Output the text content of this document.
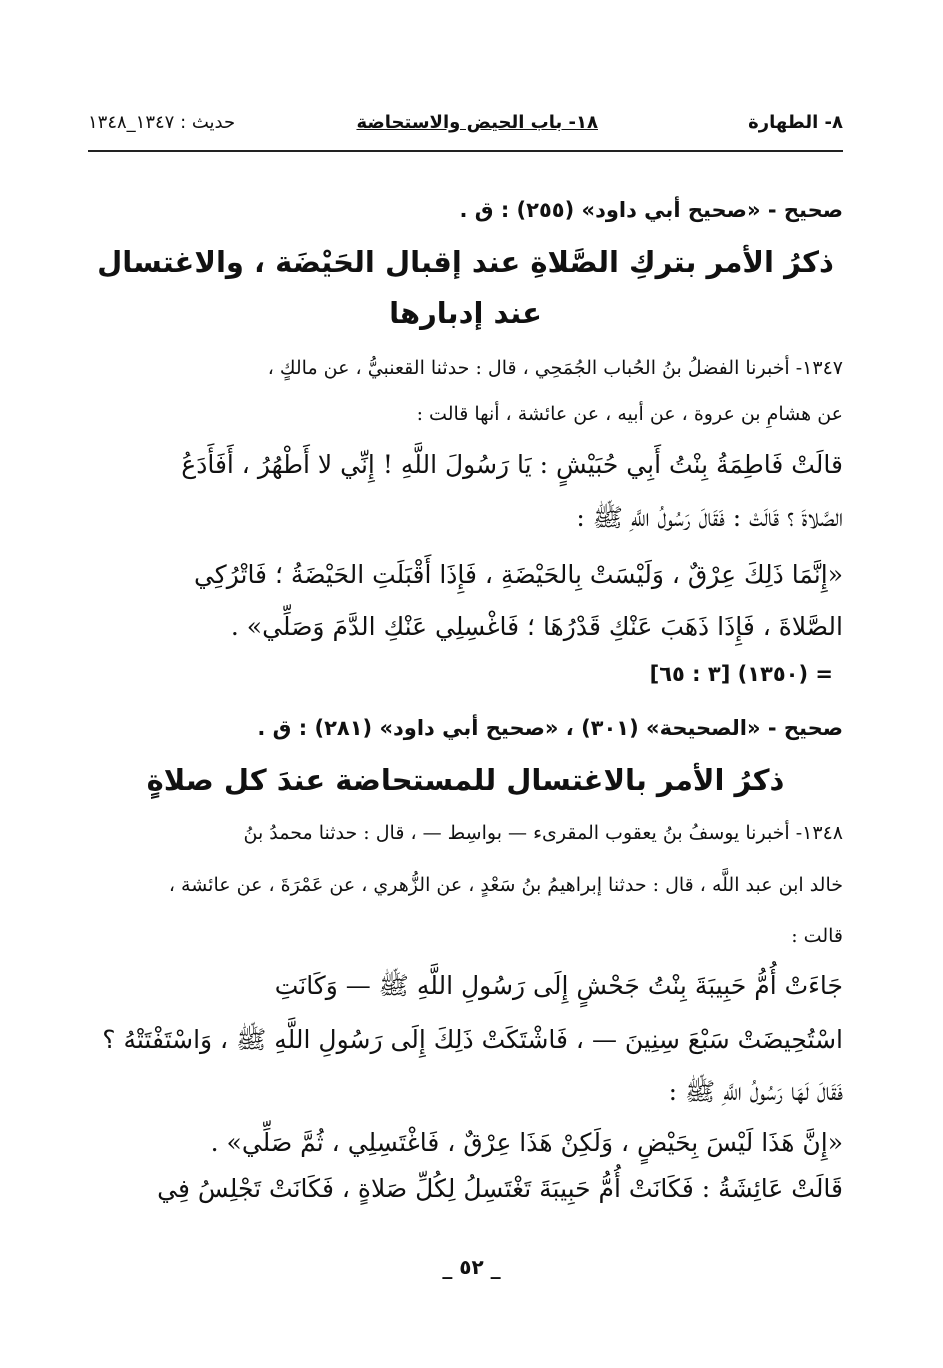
٨- الطهارة
١٨- باب الحيض والاستحاضة
حديث : ١٣٤٧_١٣٤٨
صحيح - «صحيح أبي داود» (٢٥٥) : ق .
ذكرُ الأمر بتركِ الصَّلاةِ عند إقبال الحَيْضَة ، والاغتسال
عند إدبارها
١٣٤٧- أخبرنا الفضلُ بنُ الحُباب الجُمَحِي ، قال : حدثنا القعنبيُّ ، عن مالكٍ ،
عن هشامِ بن عروة ، عن أبيه ، عن عائشة ، أنها قالت :
قالَتْ فَاطِمَةُ بِنْتُ أَبِي حُبَيْشٍ : يَا رَسُولَ اللَّهِ ! إِنِّي لا أَطْهُرُ ، أَفَأَدَعُ
الصَّلاةَ ؟ قَالَتْ : فَقَالَ رَسُولُ اللَّهِ ﷺ :
«إِنَّمَا ذَلِكَ عِرْقٌ ، وَلَيْسَتْ بِالحَيْضَةِ ، فَإِذَا أَقْبَلَتِ الحَيْضَةُ ؛ فَاتْرُكِي
الصَّلاةَ ، فَإِذَا ذَهَبَ عَنْكِ قَدْرُهَا ؛ فَاغْسِلِي عَنْكِ الدَّمَ وَصَلِّي» .
= (١٣٥٠) [٣ : ٦٥]
صحيح - «الصحيحة» (٣٠١) ، «صحيح أبي داود» (٢٨١) : ق .
ذكرُ الأمر بالاغتسال للمستحاضة عندَ كل صلاةٍ
١٣٤٨- أخبرنا يوسفُ بنُ يعقوب المقرىء — بواسِط — ، قال : حدثنا محمدُ بنُ
خالد ابن عبد اللَّه ، قال : حدثنا إبراهيمُ بنُ سَعْدٍ ، عن الزُّهري ، عن عَمْرَةَ ، عن عائشة ،
قالت :
جَاءَتْ أُمُّ حَبِيبَةَ بِنْتُ جَحْشٍ إِلَى رَسُولِ اللَّهِ ﷺ — وَكَانَتِ
اسْتُحِيضَتْ سَبْعَ سِنِينَ — ، فَاشْتَكَتْ ذَلِكَ إِلَى رَسُولِ اللَّهِ ﷺ ، وَاسْتَفْتَتْهُ ؟
فَقَالَ لَهَا رَسُولُ اللَّهِ ﷺ :
«إِنَّ هَذَا لَيْسَ بِحَيْضٍ ، وَلَكِنْ هَذَا عِرْقٌ ، فَاغْتَسِلِي ، ثُمَّ صَلِّي» .
قَالَتْ عَائِشَةُ : فَكَانَتْ أُمُّ حَبِيبَةَ تَغْتَسِلُ لِكُلِّ صَلاةٍ ، فَكَانَتْ تَجْلِسُ فِي
_ ٥٢ _
